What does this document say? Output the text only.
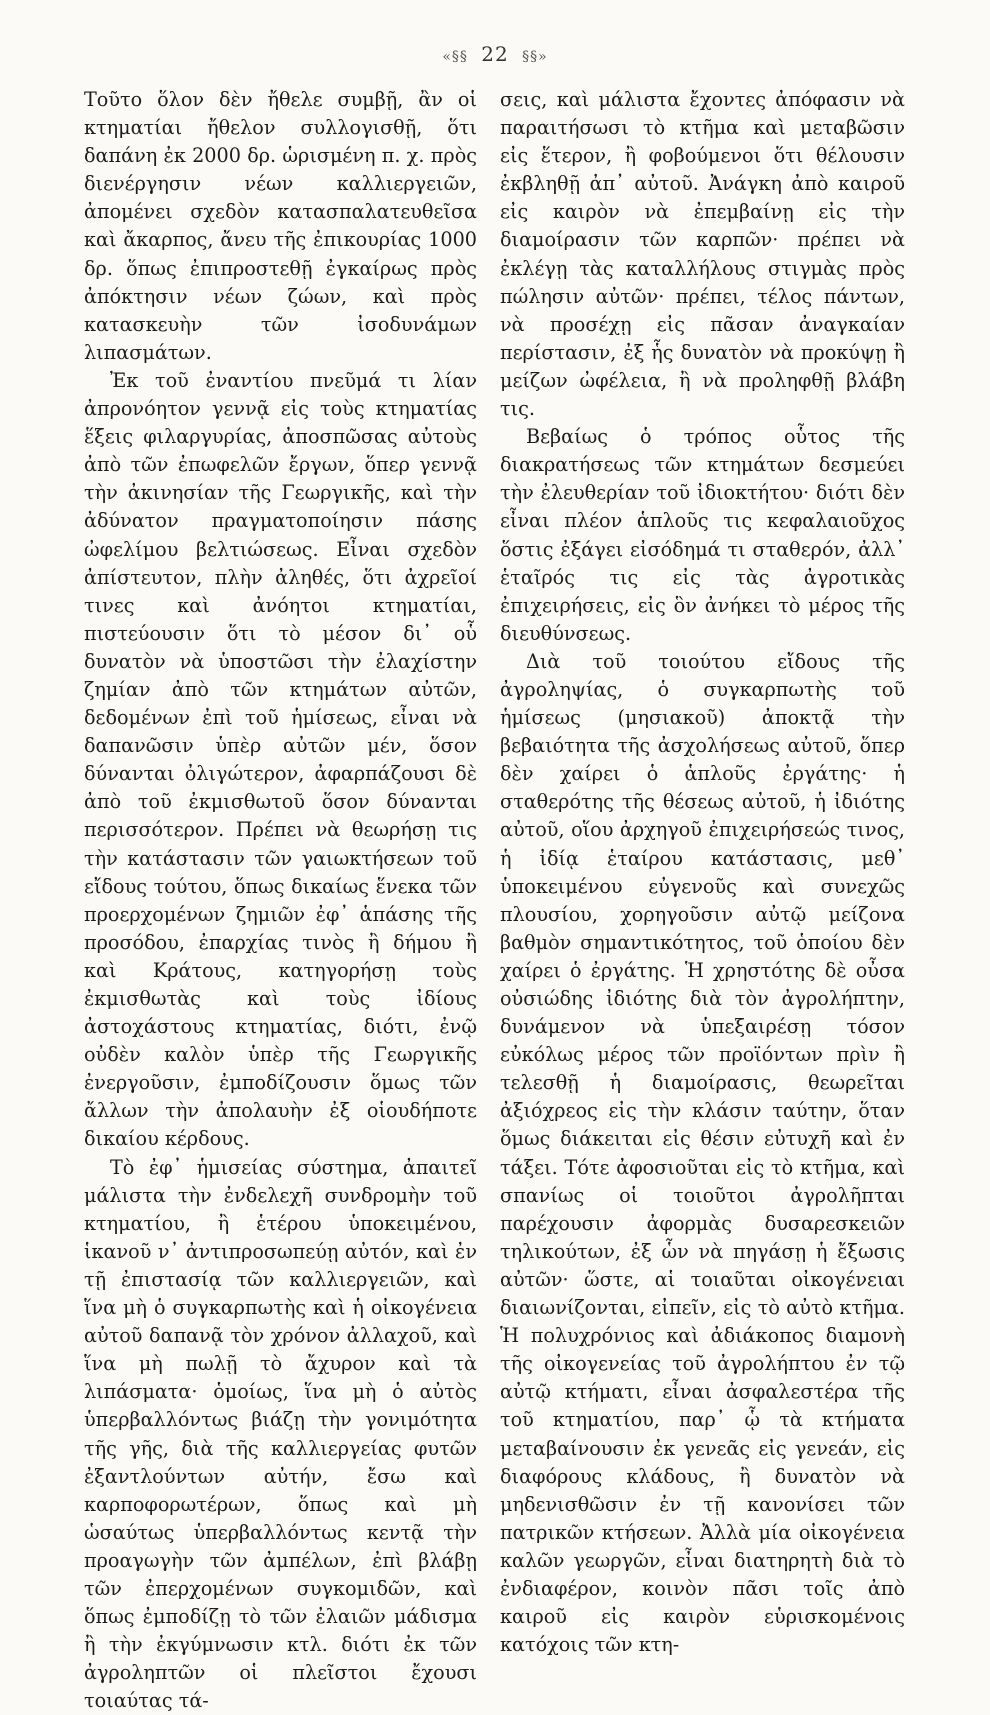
«§§ 22 §§»

Τοῦτο ὅλον δὲν ἤθελε συμβῇ, ἂν οἱ κτηματίαι ἤθελον συλλογισθῇ, ὅτι δαπάνη ἐκ 2000 δρ. ὡρισμένη π. χ. πρὸς διενέργησιν νέων καλλιεργειῶν, ἀπομένει σχεδὸν κατασπαλατευθεῖσα καὶ ἄκαρπος, ἄνευ τῆς ἐπικουρίας 1000 δρ. ὅπως ἐπιπροστεθῇ ἐγκαίρως πρὸς ἀπόκτησιν νέων ζώων, καὶ πρὸς κατασκευὴν τῶν ἰσοδυνάμων λιπασμάτων.

Ἐκ τοῦ ἐναντίου πνεῦμά τι λίαν ἀπρονόητον γεννᾷ εἰς τοὺς κτηματίας ἕξεις φιλαργυρίας, ἀποσπῶσας αὐτοὺς ἀπὸ τῶν ἐπωφελῶν ἔργων, ὅπερ γεννᾷ τὴν ἀκινησίαν τῆς Γεωργικῆς, καὶ τὴν ἀδύνατον πραγματοποίησιν πάσης ὠφελίμου βελτιώσεως. Εἶναι σχεδὸν ἀπίστευτον, πλὴν ἀληθές, ὅτι ἀχρεῖοί τινες καὶ ἀνόητοι κτηματίαι, πιστεύουσιν ὅτι τὸ μέσον δι᾽ οὗ δυνατὸν νὰ ὑποστῶσι τὴν ἐλαχίστην ζημίαν ἀπὸ τῶν κτημάτων αὐτῶν, δεδομένων ἐπὶ τοῦ ἡμίσεως, εἶναι νὰ δαπανῶσιν ὑπὲρ αὐτῶν μέν, ὅσον δύνανται ὀλιγώτερον, ἀφαρπάζουσι δὲ ἀπὸ τοῦ ἐκμισθωτοῦ ὅσον δύνανται περισσότερον. Πρέπει νὰ θεωρήσῃ τις τὴν κατάστασιν τῶν γαιωκτήσεων τοῦ εἴδους τούτου, ὅπως δικαίως ἕνεκα τῶν προερχομένων ζημιῶν ἐφ᾽ ἁπάσης τῆς προσόδου, ἐπαρχίας τινὸς ἢ δήμου ἢ καὶ Κράτους, κατηγορήσῃ τοὺς ἐκμισθωτὰς καὶ τοὺς ἰδίους ἀστοχάστους κτηματίας, διότι, ἐνῷ οὐδὲν καλὸν ὑπὲρ τῆς Γεωργικῆς ἐνεργοῦσιν, ἐμποδίζουσιν ὅμως τῶν ἄλλων τὴν ἀπολαυὴν ἐξ οἱουδήποτε δικαίου κέρδους.

Τὸ ἐφ᾽ ἡμισείας σύστημα, ἀπαιτεῖ μάλιστα τὴν ἐνδελεχῆ συνδρομὴν τοῦ κτηματίου, ἢ ἑτέρου ὑποκειμένου, ἱκανοῦ ν᾽ ἀντιπροσωπεύῃ αὐτόν, καὶ ἐν τῇ ἐπιστασίᾳ τῶν καλλιεργειῶν, καὶ ἵνα μὴ ὁ συγκαρπωτὴς καὶ ἡ οἰκογένεια αὐτοῦ δαπανᾷ τὸν χρόνον ἀλλαχοῦ, καὶ ἵνα μὴ πωλῇ τὸ ἄχυρον καὶ τὰ λιπάσματα· ὁμοίως, ἵνα μὴ ὁ αὐτὸς ὑπερβαλλόντως βιάζῃ τὴν γονιμότητα τῆς γῆς, διὰ τῆς καλλιεργείας φυτῶν ἐξαντλούντων αὐτήν, ἔσω καὶ καρποφορωτέρων, ὅπως καὶ μὴ ὡσαύτως ὑπερβαλλόντως κεντᾷ τὴν προαγωγὴν τῶν ἀμπέλων, ἐπὶ βλάβῃ τῶν ἐπερχομένων συγκομιδῶν, καὶ ὅπως ἐμποδίζῃ τὸ τῶν ἐλαιῶν μάδισμα ἢ τὴν ἐκγύμνωσιν κτλ. διότι ἐκ τῶν ἀγροληπτῶν οἱ πλεῖστοι ἔχουσι τοιαύτας τά-

σεις, καὶ μάλιστα ἔχοντες ἀπόφασιν νὰ παραιτήσωσι τὸ κτῆμα καὶ μεταβῶσιν εἰς ἕτερον, ἢ φοβούμενοι ὅτι θέλουσιν ἐκβληθῇ ἀπ᾽ αὐτοῦ. Ἀνάγκη ἀπὸ καιροῦ εἰς καιρὸν νὰ ἐπεμβαίνῃ εἰς τὴν διαμοίρασιν τῶν καρπῶν· πρέπει νὰ ἐκλέγῃ τὰς καταλλήλους στιγμὰς πρὸς πώλησιν αὐτῶν· πρέπει, τέλος πάντων, νὰ προσέχῃ εἰς πᾶσαν ἀναγκαίαν περίστασιν, ἐξ ἧς δυνατὸν νὰ προκύψῃ ἢ μείζων ὠφέλεια, ἢ νὰ προληφθῇ βλάβη τις.

Βεβαίως ὁ τρόπος οὗτος τῆς διακρατήσεως τῶν κτημάτων δεσμεύει τὴν ἐλευθερίαν τοῦ ἰδιοκτήτου· διότι δὲν εἶναι πλέον ἁπλοῦς τις κεφαλαιοῦχος ὅστις ἐξάγει εἰσόδημά τι σταθερόν, ἀλλ᾽ ἑταῖρός τις εἰς τὰς ἀγροτικὰς ἐπιχειρήσεις, εἰς ὃν ἀνήκει τὸ μέρος τῆς διευθύνσεως.

Διὰ τοῦ τοιούτου εἴδους τῆς ἀγροληψίας, ὁ συγκαρπωτὴς τοῦ ἡμίσεως (μησιακοῦ) ἀποκτᾷ τὴν βεβαιότητα τῆς ἀσχολήσεως αὐτοῦ, ὅπερ δὲν χαίρει ὁ ἁπλοῦς ἐργάτης· ἡ σταθερότης τῆς θέσεως αὐτοῦ, ἡ ἰδιότης αὐτοῦ, οἵου ἀρχηγοῦ ἐπιχειρήσεώς τινος, ἡ ἰδίᾳ ἑταίρου κατάστασις, μεθ᾽ ὑποκειμένου εὐγενοῦς καὶ συνεχῶς πλουσίου, χορηγοῦσιν αὐτῷ μείζονα βαθμὸν σημαντικότητος, τοῦ ὁποίου δὲν χαίρει ὁ ἐργάτης. Ἡ χρηστότης δὲ οὖσα οὐσιώδης ἰδιότης διὰ τὸν ἀγρολήπτην, δυνάμενον νὰ ὑπεξαιρέσῃ τόσον εὐκόλως μέρος τῶν προϊόντων πρὶν ἢ τελεσθῇ ἡ διαμοίρασις, θεωρεῖται ἀξιόχρεος εἰς τὴν κλάσιν ταύτην, ὅταν ὅμως διάκειται εἰς θέσιν εὐτυχῆ καὶ ἐν τάξει. Τότε ἀφοσιοῦται εἰς τὸ κτῆμα, καὶ σπανίως οἱ τοιοῦτοι ἀγρολῆπται παρέχουσιν ἀφορμὰς δυσαρεσκειῶν τηλικούτων, ἐξ ὧν νὰ πηγάσῃ ἡ ἔξωσις αὐτῶν· ὥστε, αἱ τοιαῦται οἰκογένειαι διαιωνίζονται, εἰπεῖν, εἰς τὸ αὐτὸ κτῆμα. Ἡ πολυχρόνιος καὶ ἀδιάκοπος διαμονὴ τῆς οἰκογενείας τοῦ ἀγρολήπτου ἐν τῷ αὐτῷ κτήματι, εἶναι ἀσφαλεστέρα τῆς τοῦ κτηματίου, παρ᾽ ᾧ τὰ κτήματα μεταβαίνουσιν ἐκ γενεᾶς εἰς γενεάν, εἰς διαφόρους κλάδους, ἢ δυνατὸν νὰ μηδενισθῶσιν ἐν τῇ κανονίσει τῶν πατρικῶν κτήσεων. Ἀλλὰ μία οἰκογένεια καλῶν γεωργῶν, εἶναι διατηρητὴ διὰ τὸ ἐνδιαφέρον, κοινὸν πᾶσι τοῖς ἀπὸ καιροῦ εἰς καιρὸν εὑρισκομένοις κατόχοις τῶν κτη-
